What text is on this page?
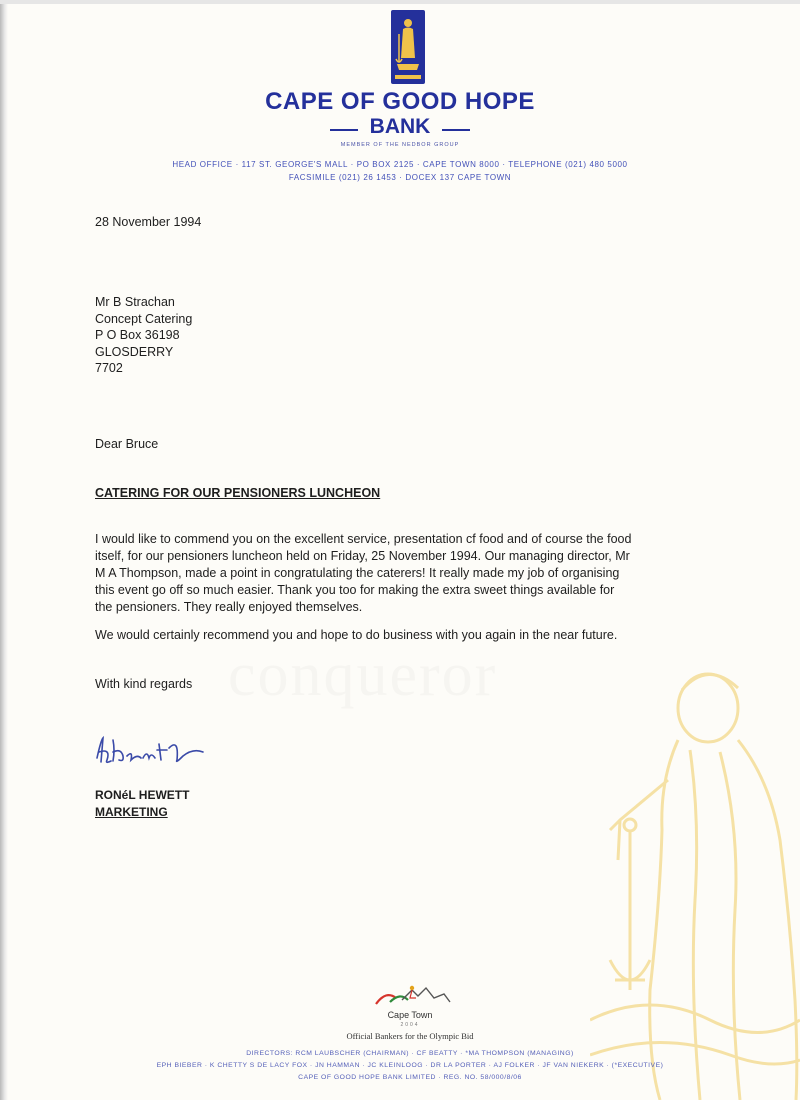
conqueror
CAPE OF GOOD HOPE
BANK
MEMBER OF THE NEDBOR GROUP
HEAD OFFICE · 117 ST. GEORGE'S MALL · PO BOX 2125 · CAPE TOWN 8000 · TELEPHONE (021) 480 5000
FACSIMILE (021) 26 1453 · DOCEX 137 CAPE TOWN
28 November 1994
Mr B Strachan
Concept Catering
P O Box 36198
GLOSDERRY
7702
Dear Bruce
CATERING FOR OUR PENSIONERS LUNCHEON
I would like to commend you on the excellent service, presentation cf food and of course the food
itself, for our pensioners luncheon held on Friday, 25 November 1994. Our managing director, Mr
M A Thompson, made a point in congratulating the caterers! It really made my job of organising
this event go off so much easier. Thank you too for making the extra sweet things available for
the pensioners. They really enjoyed themselves.
We would certainly recommend you and hope to do business with you again in the near future.
With kind regards
RONéL HEWETT
MARKETING
Cape Town
2004
Official Bankers for the Olympic Bid
DIRECTORS: RCM LAUBSCHER (CHAIRMAN) · CF BEATTY · *MA THOMPSON (MANAGING)
EPH BIEBER · K CHETTY S DE LACY FOX · JN HAMMAN · JC KLEINLOOG · DR LA PORTER · AJ FOLKER · JF VAN NIEKERK · (*EXECUTIVE)
CAPE OF GOOD HOPE BANK LIMITED · REG. NO. 58/000/8/06
